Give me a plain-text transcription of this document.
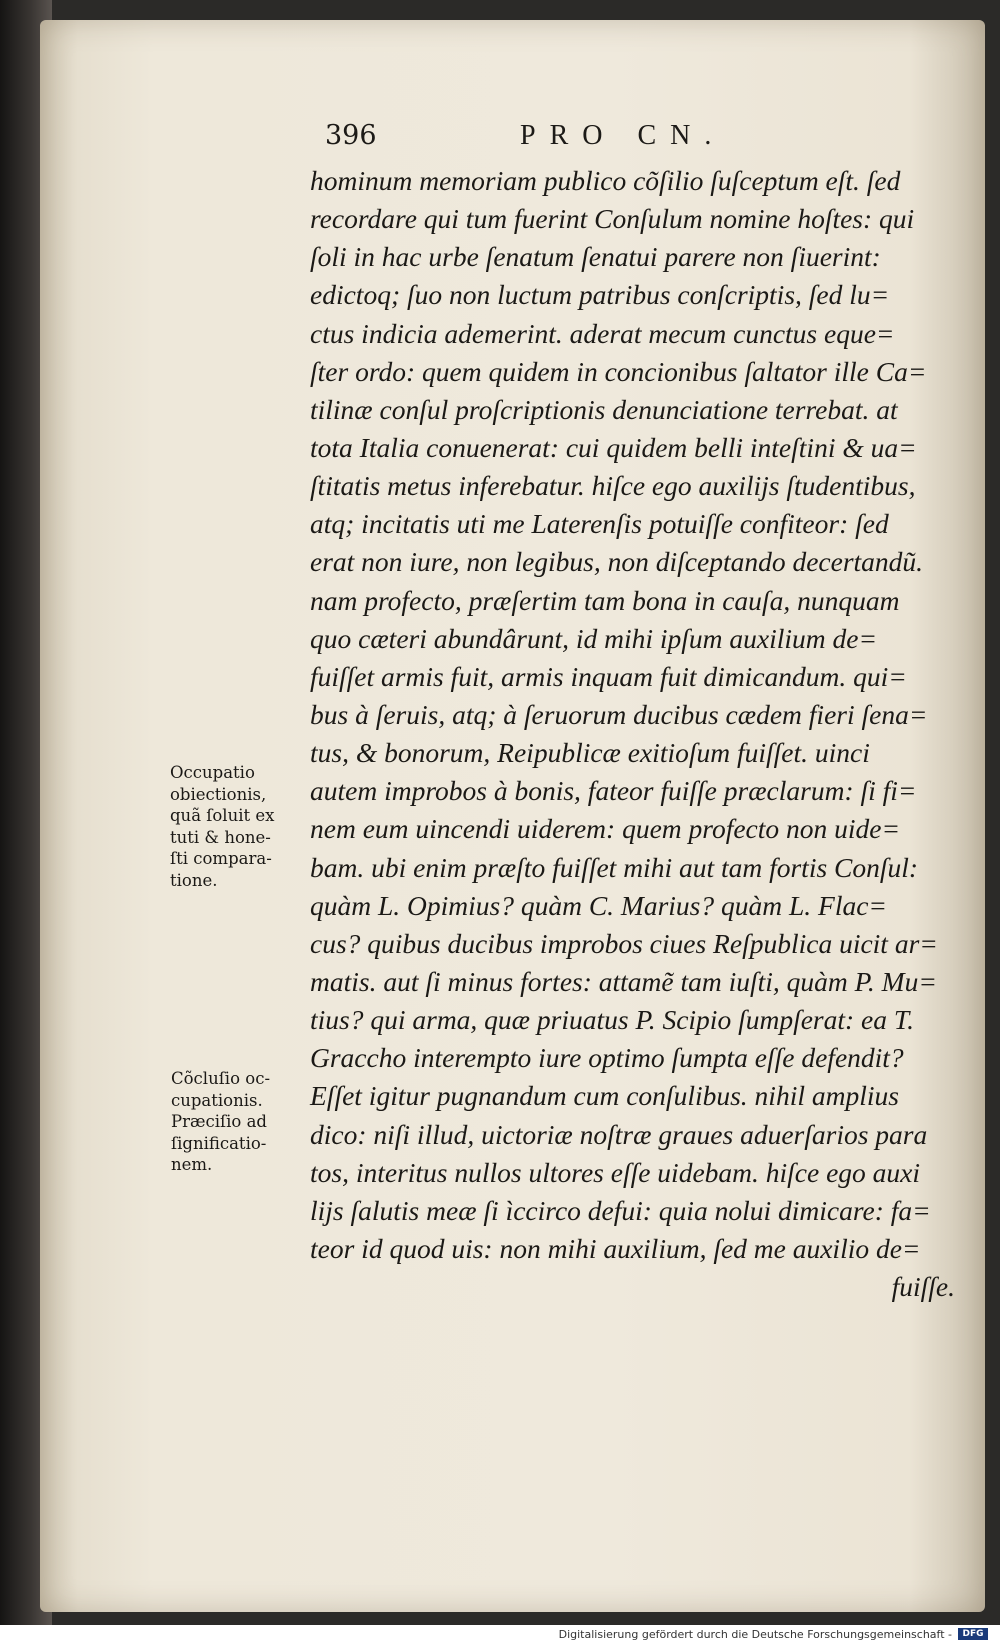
396	PRO CN.
Occupatio
obiectionis,
quã ſoluit ex
tuti & hone-
ſti compara-
tione.
Cõcluſio oc-
cupationis.
Præciſio ad
ſignificatio-
nem.
hominum memoriam publico cõſilio ſuſceptum eſt. ſed
recordare qui tum fuerint Conſulum nomine hoſtes: qui
ſoli in hac urbe ſenatum ſenatui parere non ſiuerint:
edictoq; ſuo non luctum patribus conſcriptis, ſed lu=
ctus indicia ademerint. aderat mecum cunctus eque=
ſter ordo: quem quidem in concionibus ſaltator ille Ca=
tilinæ conſul proſcriptionis denunciatione terrebat. at
tota Italia conuenerat: cui quidem belli inteſtini & ua=
ſtitatis metus inferebatur. hiſce ego auxilijs ſtudentibus,
atq; incitatis uti me Laterenſis potuiſſe confiteor: ſed
erat non iure, non legibus, non diſceptando decertandũ.
nam profecto, præſertim tam bona in cauſa, nunquam
quo cæteri abundârunt, id mihi ipſum auxilium de=
fuiſſet armis fuit, armis inquam fuit dimicandum. qui=
bus à ſeruis, atq; à ſeruorum ducibus cædem fieri ſena=
tus, & bonorum, Reipublicæ exitioſum fuiſſet. uinci
autem improbos à bonis, fateor fuiſſe præclarum: ſi fi=
nem eum uincendi uiderem: quem profecto non uide=
bam. ubi enim præſto fuiſſet mihi aut tam fortis Conſul:
quàm L. Opimius? quàm C. Marius? quàm L. Flac=
cus? quibus ducibus improbos ciues Reſpublica uicit ar=
matis. aut ſi minus fortes: attamẽ tam iuſti, quàm P. Mu=
tius? qui arma, quæ priuatus P. Scipio ſumpſerat: ea T.
Graccho interempto iure optimo ſumpta eſſe defendit?
Eſſet igitur pugnandum cum conſulibus. nihil amplius
dico: niſi illud, uictoriæ noſtræ graues aduerſarios para
tos, interitus nullos ultores eſſe uidebam. hiſce ego auxi
lijs ſalutis meæ ſi ìccirco defui: quia nolui dimicare: fa=
teor id quod uis: non mihi auxilium, ſed me auxilio de=
fuiſſe.
Digitalisierung gefördert durch die Deutsche Forschungsgemeinschaft -	DFG
